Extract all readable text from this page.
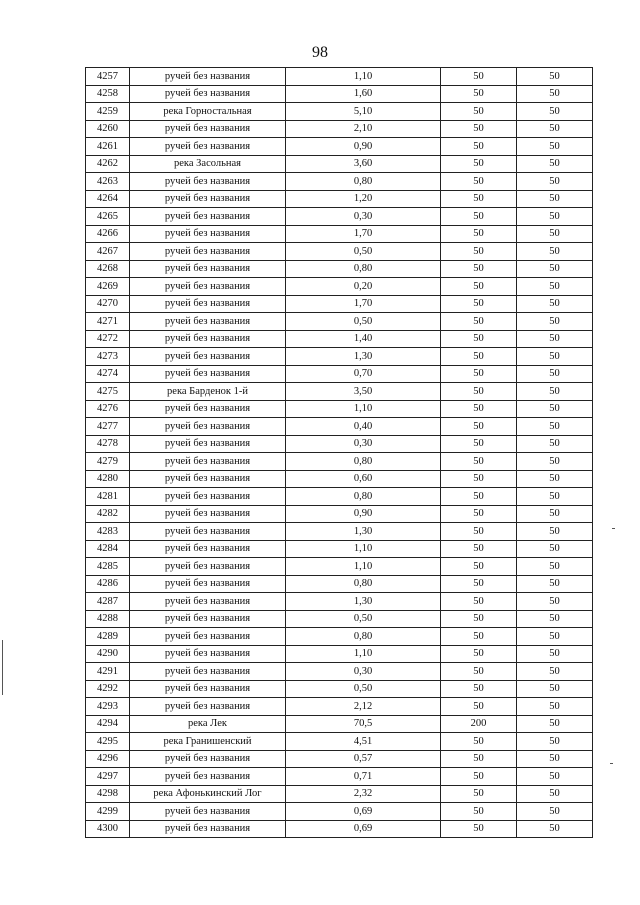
98
4257	ручей без названия	1,10	50	50
4258	ручей без названия	1,60	50	50
4259	река Горностальная	5,10	50	50
4260	ручей без названия	2,10	50	50
4261	ручей без названия	0,90	50	50
4262	река Засольная	3,60	50	50
4263	ручей без названия	0,80	50	50
4264	ручей без названия	1,20	50	50
4265	ручей без названия	0,30	50	50
4266	ручей без названия	1,70	50	50
4267	ручей без названия	0,50	50	50
4268	ручей без названия	0,80	50	50
4269	ручей без названия	0,20	50	50
4270	ручей без названия	1,70	50	50
4271	ручей без названия	0,50	50	50
4272	ручей без названия	1,40	50	50
4273	ручей без названия	1,30	50	50
4274	ручей без названия	0,70	50	50
4275	река Барденок 1-й	3,50	50	50
4276	ручей без названия	1,10	50	50
4277	ручей без названия	0,40	50	50
4278	ручей без названия	0,30	50	50
4279	ручей без названия	0,80	50	50
4280	ручей без названия	0,60	50	50
4281	ручей без названия	0,80	50	50
4282	ручей без названия	0,90	50	50
4283	ручей без названия	1,30	50	50
4284	ручей без названия	1,10	50	50
4285	ручей без названия	1,10	50	50
4286	ручей без названия	0,80	50	50
4287	ручей без названия	1,30	50	50
4288	ручей без названия	0,50	50	50
4289	ручей без названия	0,80	50	50
4290	ручей без названия	1,10	50	50
4291	ручей без названия	0,30	50	50
4292	ручей без названия	0,50	50	50
4293	ручей без названия	2,12	50	50
4294	река Лек	70,5	200	50
4295	река Гранишенский	4,51	50	50
4296	ручей без названия	0,57	50	50
4297	ручей без названия	0,71	50	50
4298	река Афонькинский Лог	2,32	50	50
4299	ручей без названия	0,69	50	50
4300	ручей без названия	0,69	50	50
